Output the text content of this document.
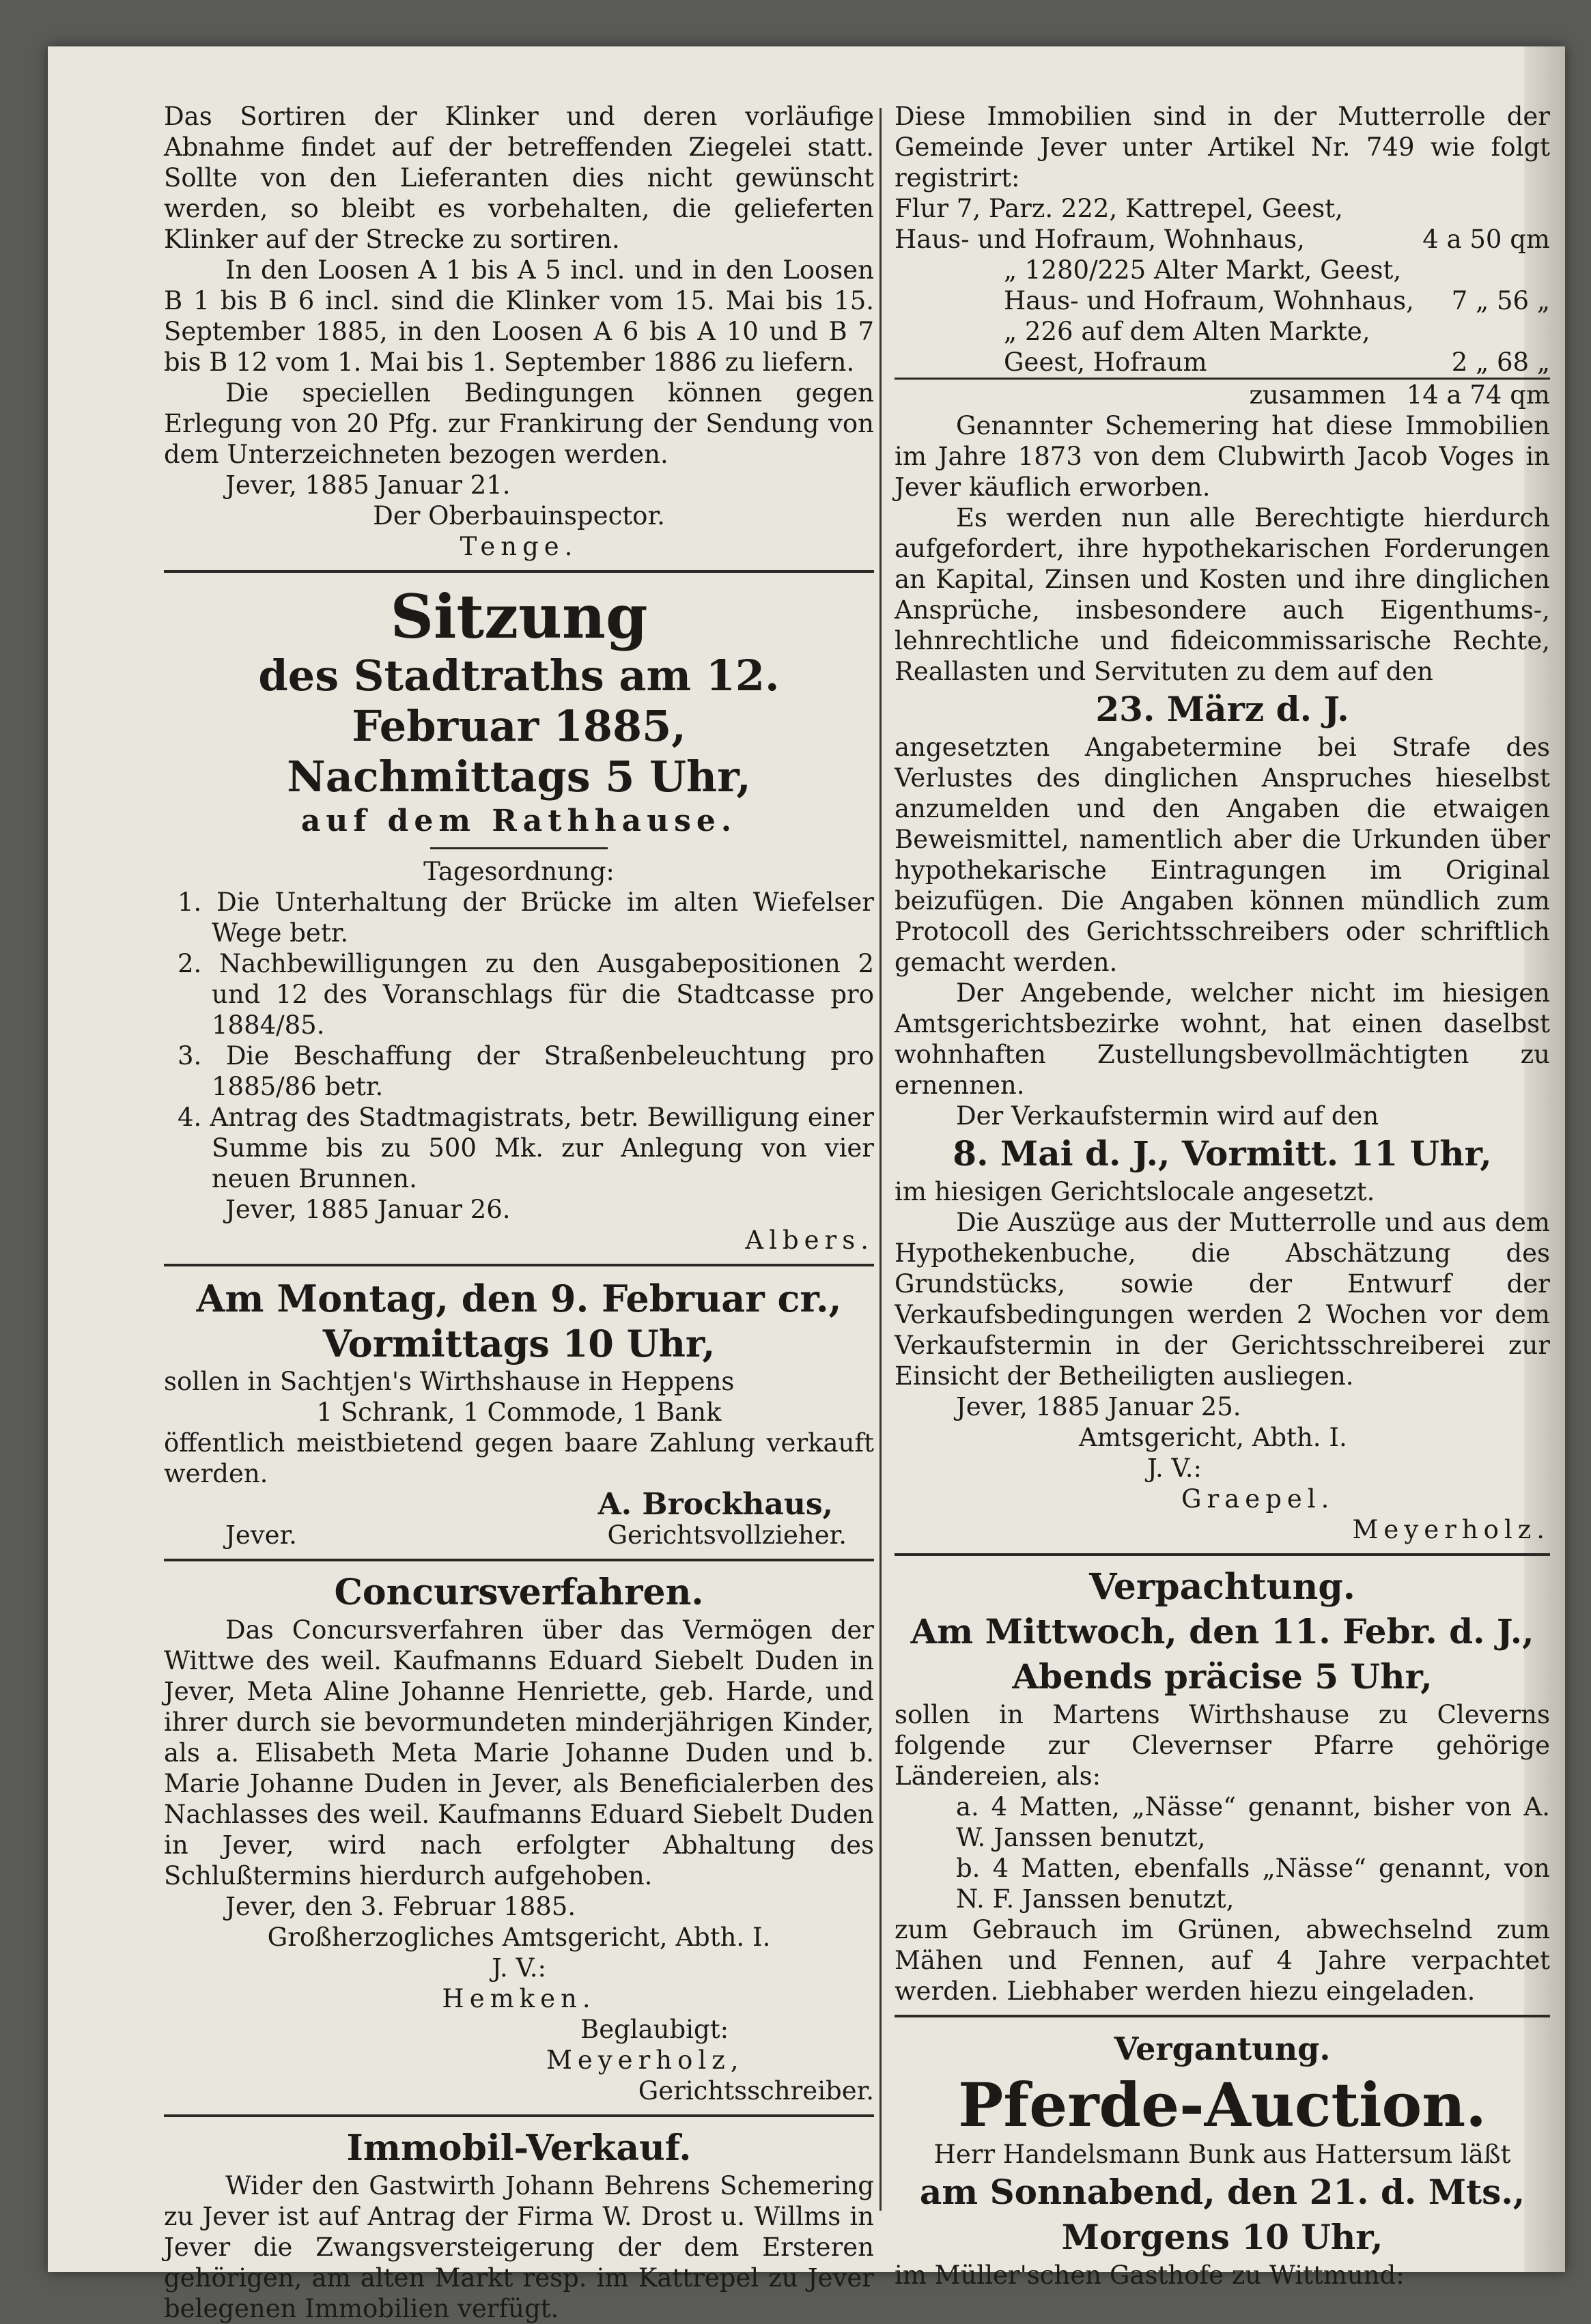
Das Sortiren der Klinker und deren vorläufige Abnahme findet auf der betreffenden Ziegelei statt. Sollte von den Lieferanten dies nicht gewünscht werden, so bleibt es vorbehalten, die gelieferten Klinker auf der Strecke zu sortiren.

In den Loosen A 1 bis A 5 incl. und in den Loosen B 1 bis B 6 incl. sind die Klinker vom 15. Mai bis 15. September 1885, in den Loosen A 6 bis A 10 und B 7 bis B 12 vom 1. Mai bis 1. September 1886 zu liefern.

Die speciellen Bedingungen können gegen Erlegung von 20 Pfg. zur Frankirung der Sendung von dem Unterzeichneten bezogen werden.

Jever, 1885 Januar 21.

Der Oberbauinspector.

Tenge.

Sitzung

des Stadtraths am 12. Februar 1885,

Nachmittags 5 Uhr,

auf dem Rathhause.

Tagesordnung:

1. Die Unterhaltung der Brücke im alten Wiefelser Wege betr.

2. Nachbewilligungen zu den Ausgabepositionen 2 und 12 des Voranschlags für die Stadtcasse pro 1884/85.

3. Die Beschaffung der Straßenbeleuchtung pro 1885/86 betr.

4. Antrag des Stadtmagistrats, betr. Bewilligung einer Summe bis zu 500 Mk. zur Anlegung von vier neuen Brunnen.

Jever, 1885 Januar 26.

Albers.

Am Montag, den 9. Februar cr.,

Vormittags 10 Uhr,

sollen in Sachtjen's Wirthshause in Heppens

1 Schrank, 1 Commode, 1 Bank

öffentlich meistbietend gegen baare Zahlung verkauft werden.

A. Brockhaus,

Jever.	Gerichtsvollzieher.

Concursverfahren.

Das Concursverfahren über das Vermögen der Wittwe des weil. Kaufmanns Eduard Siebelt Duden in Jever, Meta Aline Johanne Henriette, geb. Harde, und ihrer durch sie bevormundeten minderjährigen Kinder, als a. Elisabeth Meta Marie Johanne Duden und b. Marie Johanne Duden in Jever, als Beneficialerben des Nachlasses des weil. Kaufmanns Eduard Siebelt Duden in Jever, wird nach erfolgter Abhaltung des Schlußtermins hierdurch aufgehoben.

Jever, den 3. Februar 1885.

Großherzogliches Amtsgericht, Abth. I.

J. V.:

Hemken.

Beglaubigt:

Meyerholz,

Gerichtsschreiber.

Immobil-Verkauf.

Wider den Gastwirth Johann Behrens Schemering zu Jever ist auf Antrag der Firma W. Drost u. Willms in Jever die Zwangsversteigerung der dem Ersteren gehörigen, am alten Markt resp. im Kattrepel zu Jever belegenen Immobilien verfügt.

Diese Immobilien sind in der Mutterrolle der Gemeinde Jever unter Artikel Nr. 749 wie folgt registrirt:

Flur 7, Parz. 222, Kattrepel, Geest, Haus- und Hofraum, Wohnhaus,	4 a 50 qm
„ 1280/225 Alter Markt, Geest, Haus- und Hofraum, Wohnhaus,	7 „ 56 „
„ 226 auf dem Alten Markte, Geest, Hofraum	2 „ 68 „
zusammen 14 a 74 qm

Genannter Schemering hat diese Immobilien im Jahre 1873 von dem Clubwirth Jacob Voges in Jever käuflich erworben.

Es werden nun alle Berechtigte hierdurch aufgefordert, ihre hypothekarischen Forderungen an Kapital, Zinsen und Kosten und ihre dinglichen Ansprüche, insbesondere auch Eigenthums-, lehnrechtliche und fideicommissarische Rechte, Reallasten und Servituten zu dem auf den

23. März d. J.

angesetzten Angabetermine bei Strafe des Verlustes des dinglichen Anspruches hieselbst anzumelden und den Angaben die etwaigen Beweismittel, namentlich aber die Urkunden über hypothekarische Eintragungen im Original beizufügen. Die Angaben können mündlich zum Protocoll des Gerichtsschreibers oder schriftlich gemacht werden.

Der Angebende, welcher nicht im hiesigen Amtsgerichtsbezirke wohnt, hat einen daselbst wohnhaften Zustellungsbevollmächtigten zu ernennen.

Der Verkaufstermin wird auf den

8. Mai d. J., Vormitt. 11 Uhr,

im hiesigen Gerichtslocale angesetzt.

Die Auszüge aus der Mutterrolle und aus dem Hypothekenbuche, die Abschätzung des Grundstücks, sowie der Entwurf der Verkaufsbedingungen werden 2 Wochen vor dem Verkaufstermin in der Gerichtsschreiberei zur Einsicht der Betheiligten ausliegen.

Jever, 1885 Januar 25.

Amtsgericht, Abth. I.

J. V.:

Graepel.

Meyerholz.

Verpachtung.

Am Mittwoch, den 11. Febr. d. J.,

Abends präcise 5 Uhr,

sollen in Martens Wirthshause zu Cleverns folgende zur Clevernser Pfarre gehörige Ländereien, als:

a. 4 Matten, „Nässe“ genannt, bisher von A. W. Janssen benutzt,

b. 4 Matten, ebenfalls „Nässe“ genannt, von N. F. Janssen benutzt,

zum Gebrauch im Grünen, abwechselnd zum Mähen und Fennen, auf 4 Jahre verpachtet werden. Liebhaber werden hiezu eingeladen.

Vergantung.

Pferde-Auction.

Herr Handelsmann Bunk aus Hattersum läßt

am Sonnabend, den 21. d. Mts.,

Morgens 10 Uhr,

im Müller'schen Gasthofe zu Wittmund:
